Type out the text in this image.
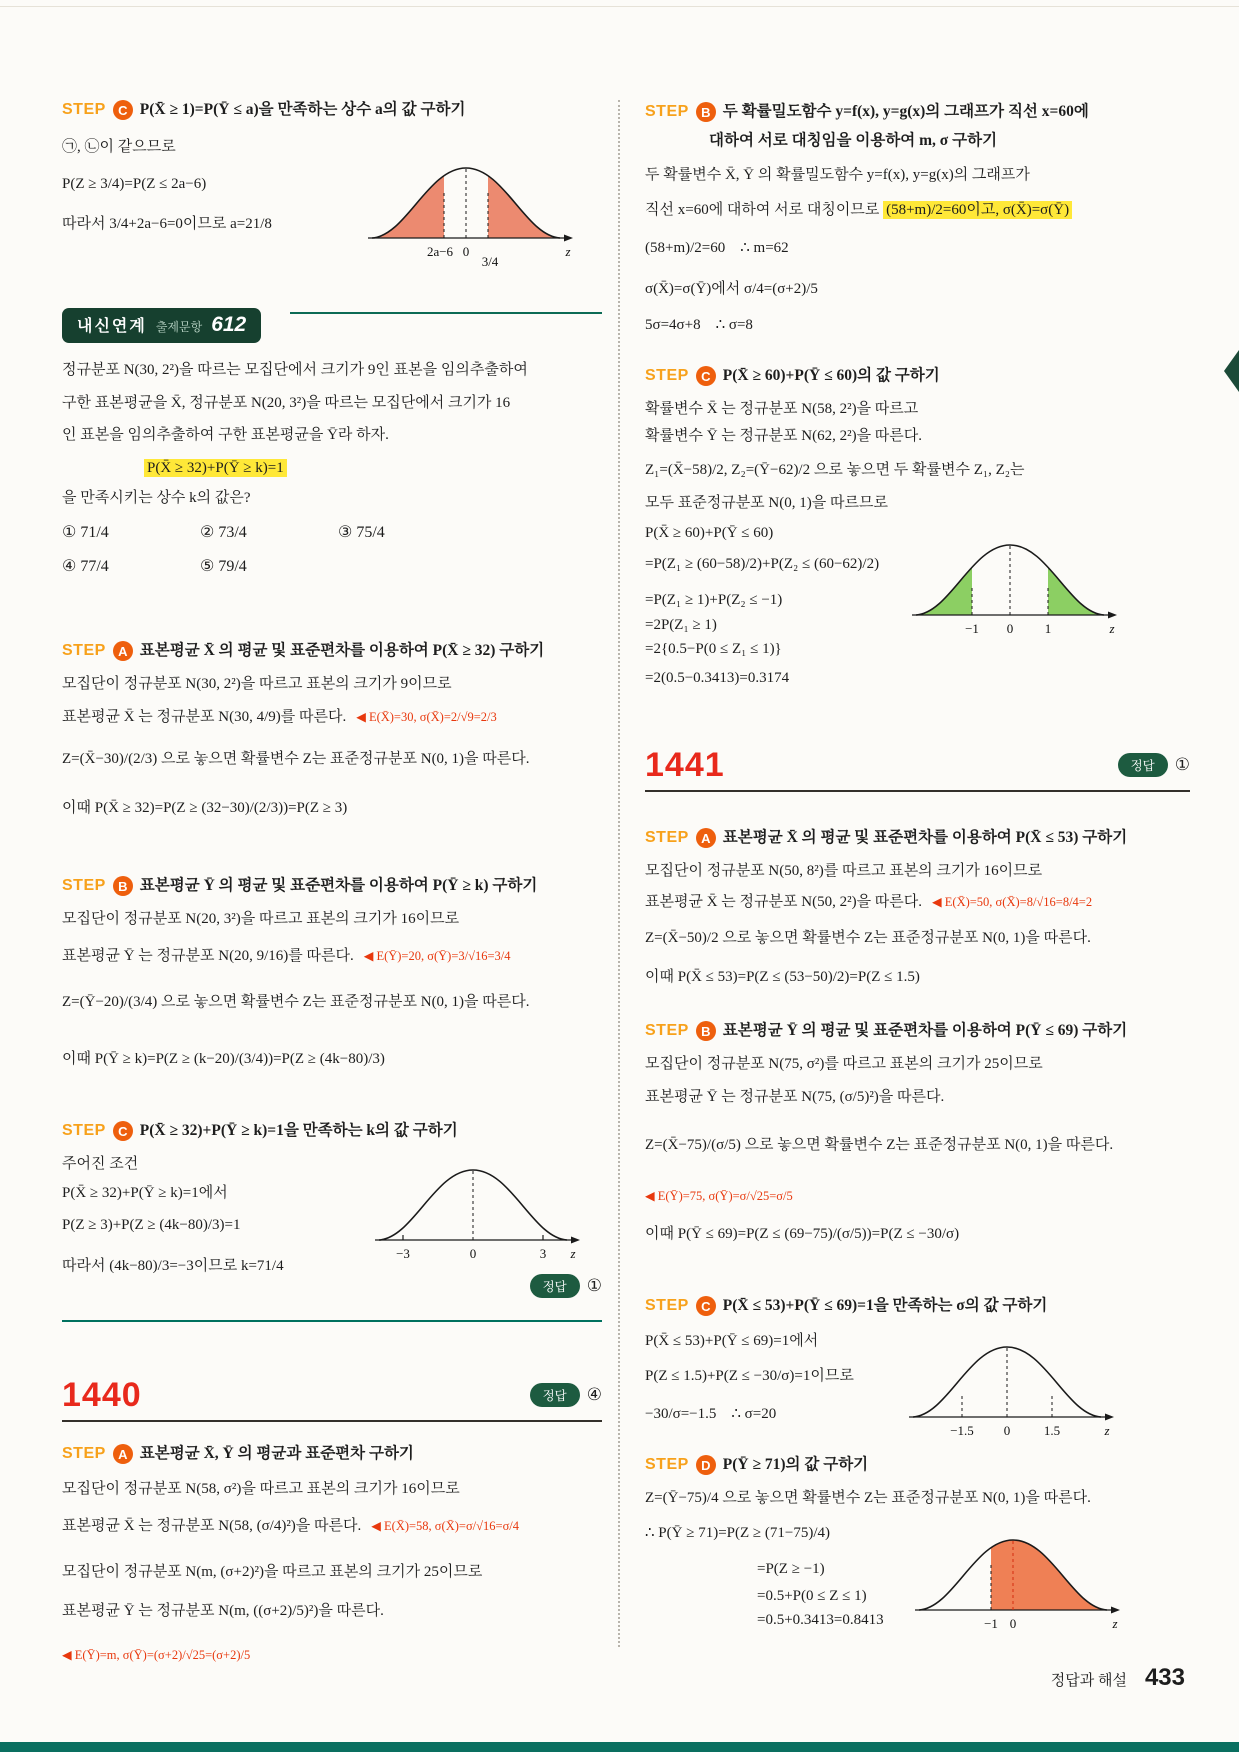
STEP C P(X̄ ≥ 1)=P(Ȳ ≤ a)을 만족하는 상수 a의 값 구하기

㉠, ㉡이 같으므로

P(Z ≥ 3/4)=P(Z ≤ 2a−6)

따라서 3/4+2a−6=0이므로 a=21/8

내신연계 출제문항 612

정규분포 N(30, 2²)을 따르는 모집단에서 크기가 9인 표본을 임의추출하여

구한 표본평균을 X̄, 정규분포 N(20, 3²)을 따르는 모집단에서 크기가 16

인 표본을 임의추출하여 구한 표본평균을 Ȳ라 하자.

P(X̄ ≥ 32)+P(Ȳ ≥ k)=1

을 만족시키는 상수 k의 값은?

① 71/4	② 73/4	③ 75/4
④ 77/4	⑤ 79/4
STEP A 표본평균 X̄ 의 평균 및 표준편차를 이용하여 P(X̄ ≥ 32) 구하기

모집단이 정규분포 N(30, 2²)을 따르고 표본의 크기가 9이므로

표본평균 X̄ 는 정규분포 N(30, 4/9)를 따른다. ◀ E(X̄)=30, σ(X̄)=2/√9=2/3

Z=(X̄−30)/(2/3) 으로 놓으면 확률변수 Z는 표준정규분포 N(0, 1)을 따른다.

이때 P(X̄ ≥ 32)=P(Z ≥ (32−30)/(2/3))=P(Z ≥ 3)

STEP B 표본평균 Ȳ 의 평균 및 표준편차를 이용하여 P(Ȳ ≥ k) 구하기

모집단이 정규분포 N(20, 3²)을 따르고 표본의 크기가 16이므로

표본평균 Ȳ 는 정규분포 N(20, 9/16)를 따른다. ◀ E(Ȳ)=20, σ(Ȳ)=3/√16=3/4

Z=(Ȳ−20)/(3/4) 으로 놓으면 확률변수 Z는 표준정규분포 N(0, 1)을 따른다.

이때 P(Ȳ ≥ k)=P(Z ≥ (k−20)/(3/4))=P(Z ≥ (4k−80)/3)

STEP C P(X̄ ≥ 32)+P(Ȳ ≥ k)=1을 만족하는 k의 값 구하기

주어진 조건

P(X̄ ≥ 32)+P(Ȳ ≥ k)=1에서

P(Z ≥ 3)+P(Z ≥ (4k−80)/3)=1

따라서 (4k−80)/3=−3이므로 k=71/4

정답 ①
1440	정답 ④
STEP A 표본평균 X̄, Ȳ 의 평균과 표준편차 구하기

모집단이 정규분포 N(58, σ²)을 따르고 표본의 크기가 16이므로

표본평균 X̄ 는 정규분포 N(58, (σ/4)²)을 따른다. ◀ E(X̄)=58, σ(X̄)=σ/√16=σ/4

모집단이 정규분포 N(m, (σ+2)²)을 따르고 표본의 크기가 25이므로

표본평균 Ȳ 는 정규분포 N(m, ((σ+2)/5)²)을 따른다.

◀ E(Ȳ)=m, σ(Ȳ)=(σ+2)/√25=(σ+2)/5

STEP B 두 확률밀도함수 y=f(x), y=g(x)의 그래프가 직선 x=60에
대하여 서로 대칭임을 이용하여 m, σ 구하기

두 확률변수 X̄, Ȳ 의 확률밀도함수 y=f(x), y=g(x)의 그래프가

직선 x=60에 대하여 서로 대칭이므로 (58+m)/2=60이고, σ(X̄)=σ(Ȳ)

(58+m)/2=60    ∴ m=62

σ(X̄)=σ(Ȳ)에서 σ/4=(σ+2)/5

5σ=4σ+8    ∴ σ=8

STEP C P(X̄ ≥ 60)+P(Ȳ ≤ 60)의 값 구하기

확률변수 X̄ 는 정규분포 N(58, 2²)을 따르고

확률변수 Ȳ 는 정규분포 N(62, 2²)을 따른다.

Z₁=(X̄−58)/2, Z₂=(Ȳ−62)/2 으로 놓으면 두 확률변수 Z₁, Z₂는

모두 표준정규분포 N(0, 1)을 따르므로

P(X̄ ≥ 60)+P(Ȳ ≤ 60)

=P(Z₁ ≥ (60−58)/2)+P(Z₂ ≤ (60−62)/2)

=P(Z₁ ≥ 1)+P(Z₂ ≤ −1)

=2P(Z₁ ≥ 1)

=2{0.5−P(0 ≤ Z₁ ≤ 1)}

=2(0.5−0.3413)=0.3174

1441	정답 ①
STEP A 표본평균 X̄ 의 평균 및 표준편차를 이용하여 P(X̄ ≤ 53) 구하기

모집단이 정규분포 N(50, 8²)를 따르고 표본의 크기가 16이므로

표본평균 X̄ 는 정규분포 N(50, 2²)을 따른다. ◀ E(X̄)=50, σ(X̄)=8/√16=8/4=2

Z=(X̄−50)/2 으로 놓으면 확률변수 Z는 표준정규분포 N(0, 1)을 따른다.

이때 P(X̄ ≤ 53)=P(Z ≤ (53−50)/2)=P(Z ≤ 1.5)

STEP B 표본평균 Ȳ 의 평균 및 표준편차를 이용하여 P(Ȳ ≤ 69) 구하기

모집단이 정규분포 N(75, σ²)를 따르고 표본의 크기가 25이므로

표본평균 Ȳ 는 정규분포 N(75, (σ/5)²)을 따른다.

Z=(X̄−75)/(σ/5) 으로 놓으면 확률변수 Z는 표준정규분포 N(0, 1)을 따른다.

◀ E(Ȳ)=75, σ(Ȳ)=σ/√25=σ/5

이때 P(Ȳ ≤ 69)=P(Z ≤ (69−75)/(σ/5))=P(Z ≤ −30/σ)

STEP C P(X̄ ≤ 53)+P(Ȳ ≤ 69)=1을 만족하는 σ의 값 구하기

P(X̄ ≤ 53)+P(Ȳ ≤ 69)=1에서

P(Z ≤ 1.5)+P(Z ≤ −30/σ)=1이므로

−30/σ=−1.5    ∴ σ=20

STEP D P(Ȳ ≥ 71)의 값 구하기

Z=(Ȳ−75)/4 으로 놓으면 확률변수 Z는 표준정규분포 N(0, 1)을 따른다.

∴ P(Ȳ ≥ 71)=P(Z ≥ (71−75)/4)

=P(Z ≥ −1)

=0.5+P(0 ≤ Z ≤ 1)

=0.5+0.3413=0.8413

2a−6 0
3/4
z
−3	0	3 z
−1 0 1	z
−1.5 0	1.5	z
−1 0	z
정답과 해설 433
